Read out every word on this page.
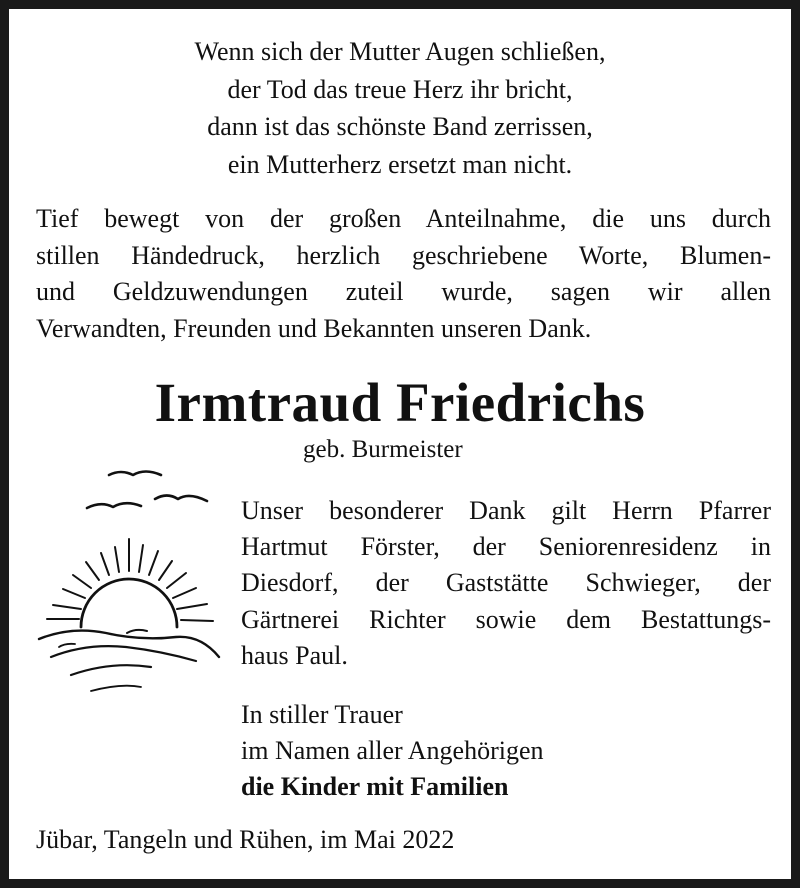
Wenn sich der Mutter Augen schließen,
der Tod das treue Herz ihr bricht,
dann ist das schönste Band zerrissen,
ein Mutterherz ersetzt man nicht.
Tief bewegt von der großen Anteilnahme, die uns durch
stillen Händedruck, herzlich geschriebene Worte, Blumen-
und Geldzuwendungen zuteil wurde, sagen wir allen
Verwandten, Freunden und Bekannten unseren Dank.
Irmtraud Friedrichs
geb. Burmeister
Unser besonderer Dank gilt Herrn Pfarrer
Hartmut Förster, der Seniorenresidenz in
Diesdorf, der Gaststätte Schwieger, der
Gärtnerei Richter sowie dem Bestattungs-
haus Paul.
In stiller Trauer
im Namen aller Angehörigen
die Kinder mit Familien
Jübar, Tangeln und Rühen, im Mai 2022
